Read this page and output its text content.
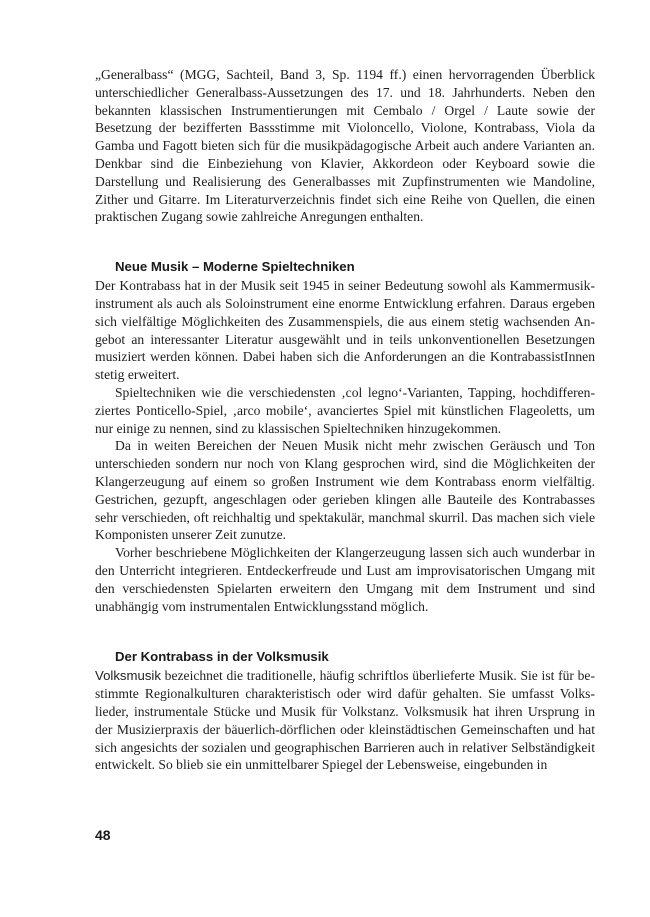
„Generalbass“ (MGG, Sachteil, Band 3, Sp. 1194 ff.) einen hervorragenden Überblick unterschiedlicher Generalbass-Aussetzungen des 17. und 18. Jahrhunderts. Neben den bekannten klassischen Instrumentierungen mit Cembalo / Orgel / Laute sowie der Besetzung der bezifferten Bassstimme mit Violoncello, Violone, Kontrabass, Viola da Gamba und Fagott bieten sich für die musikpädagogische Arbeit auch andere Varianten an. Denkbar sind die Einbeziehung von Klavier, Akkordeon oder Keyboard sowie die Darstellung und Realisierung des Generalbasses mit Zupfinstrumenten wie Mandoline, Zither und Gitarre. Im Literaturverzeichnis findet sich eine Reihe von Quellen, die einen praktischen Zugang sowie zahlreiche Anregungen enthalten.

Neue Musik – Moderne Spieltechniken

Der Kontrabass hat in der Musik seit 1945 in seiner Bedeutung sowohl als Kammermusikinstrument als auch als Soloinstrument eine enorme Entwicklung erfahren. Daraus ergeben sich vielfältige Möglichkeiten des Zusammenspiels, die aus einem stetig wachsenden Angebot an interessanter Literatur ausgewählt und in teils unkonventionellen Besetzungen musiziert werden können. Dabei haben sich die Anforderungen an die KontrabassistInnen stetig erweitert.

Spieltechniken wie die verschiedensten ‚col legno‘-Varianten, Tapping, hochdifferenziertes Ponticello-Spiel, ‚arco mobile‘, avanciertes Spiel mit künstlichen Flageoletts, um nur einige zu nennen, sind zu klassischen Spieltechniken hinzugekommen.

Da in weiten Bereichen der Neuen Musik nicht mehr zwischen Geräusch und Ton unterschieden sondern nur noch von Klang gesprochen wird, sind die Möglichkeiten der Klangerzeugung auf einem so großen Instrument wie dem Kontrabass enorm vielfältig. Gestrichen, gezupft, angeschlagen oder gerieben klingen alle Bauteile des Kontrabasses sehr verschieden, oft reichhaltig und spektakulär, manchmal skurril. Das machen sich viele Komponisten unserer Zeit zunutze.

Vorher beschriebene Möglichkeiten der Klangerzeugung lassen sich auch wunderbar in den Unterricht integrieren. Entdeckerfreude und Lust am improvisatorischen Umgang mit den verschiedensten Spielarten erweitern den Umgang mit dem Instrument und sind unabhängig vom instrumentalen Entwicklungsstand möglich.

Der Kontrabass in der Volksmusik

Volksmusik bezeichnet die traditionelle, häufig schriftlos überlieferte Musik. Sie ist für bestimmte Regionalkulturen charakteristisch oder wird dafür gehalten. Sie umfasst Volkslieder, instrumentale Stücke und Musik für Volkstanz. Volksmusik hat ihren Ursprung in der Musizierpraxis der bäuerlich-dörflichen oder kleinstädtischen Gemeinschaften und hat sich angesichts der sozialen und geographischen Barrieren auch in relativer Selbständigkeit entwickelt. So blieb sie ein unmittelbarer Spiegel der Lebensweise, eingebunden in

48
